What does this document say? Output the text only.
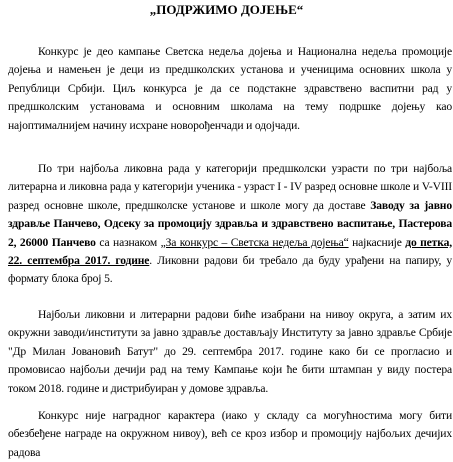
„ПОДРЖИМО ДОЈЕЊЕ“

Конкурс је део кампање Светска недеља дојења и Национална недеља промоције дојења и намењен је деци из предшколских установа и ученицима основних школа у Републици Србији. Циљ конкурса је да се подстакне здравствено васпитни рад у предшколским установама и основним школама на тему подршке дојењу као најоптималнијем начину исхране новорођенчади и одојчади.

По три најбоља ликовна рада у категорији предшколски узрасти по три најбоља литерарна и ликовна рада у категорији ученика - узраст I - IV разред основне школе и V-VIII разред основне школе, предшколске установе и школе могу да доставе Заводу за јавно здравље Панчево, Одсеку за промоцију здравља и здравствено васпитање, Пастерова 2, 26000 Панчево са назнаком „За конкурс – Светска недеља дојења“ најкасније до петка, 22. септембра 2017. године. Ликовни радови би требало да буду урађени на папиру, у формату блока број 5.

Најбољи ликовни и литерарни радови биће изабрани на нивоу округа, а затим их окружни заводи/институти за јавно здравље достављају Институту за јавно здравље Србије "Др Милан Јовановић Батут" до 29. септембра 2017. године како би се прогласио и промовисао најбољи дечији рад на тему Кампање који ће бити штампан у виду постера током 2018. године и дистрибуиран у домове здравља.

Конкурс није наградног карактера (иако у складу са могућностима могу бити обезбеђене награде на окружном нивоу), већ се кроз избор и промоцију најбољих дечијих радова
